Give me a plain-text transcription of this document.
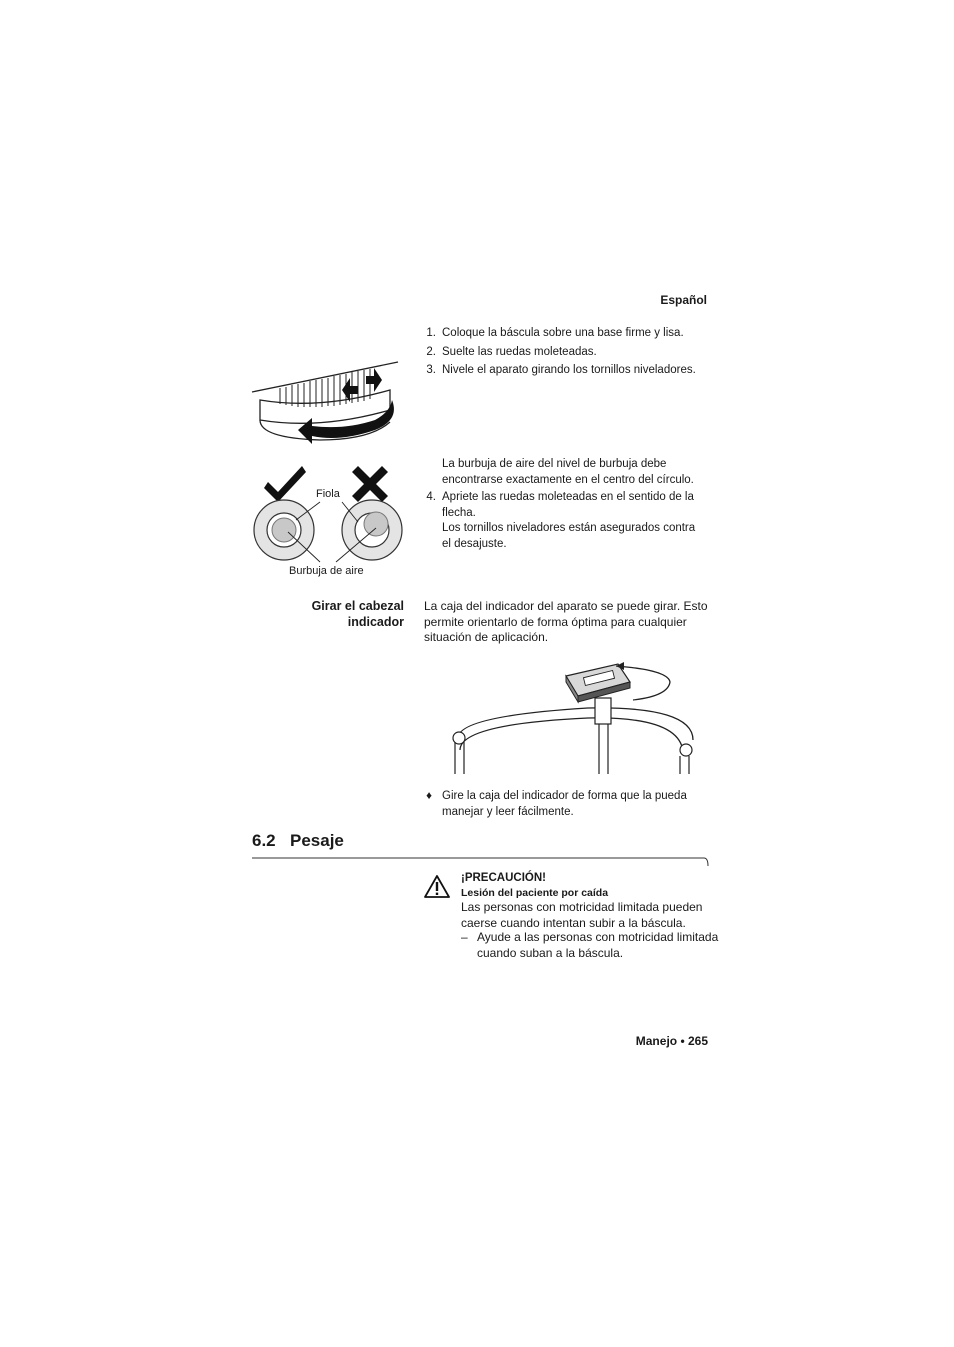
Español
1. Coloque la báscula sobre una base firme y lisa.
2. Suelte las ruedas moleteadas.
3. Nivele el aparato girando los tornillos niveladores.
Fiola
Burbuja de aire
La burbuja de aire del nivel de burbuja debe
encontrarse exactamente en el centro del círculo.
4. Apriete las ruedas moleteadas en el sentido de la
flecha.
Los tornillos niveladores están asegurados contra
el desajuste.
Girar el cabezal
indicador
La caja del indicador del aparato se puede girar. Esto
permite orientarlo de forma óptima para cualquier
situación de aplicación.
♦ Gire la caja del indicador de forma que la pueda
manejar y leer fácilmente.
6.2 Pesaje
¡PRECAUCIÓN!
Lesión del paciente por caída
Las personas con motricidad limitada pueden
caerse cuando intentan subir a la báscula.
– Ayude a las personas con motricidad limitada
cuando suban a la báscula.
Manejo • 265
